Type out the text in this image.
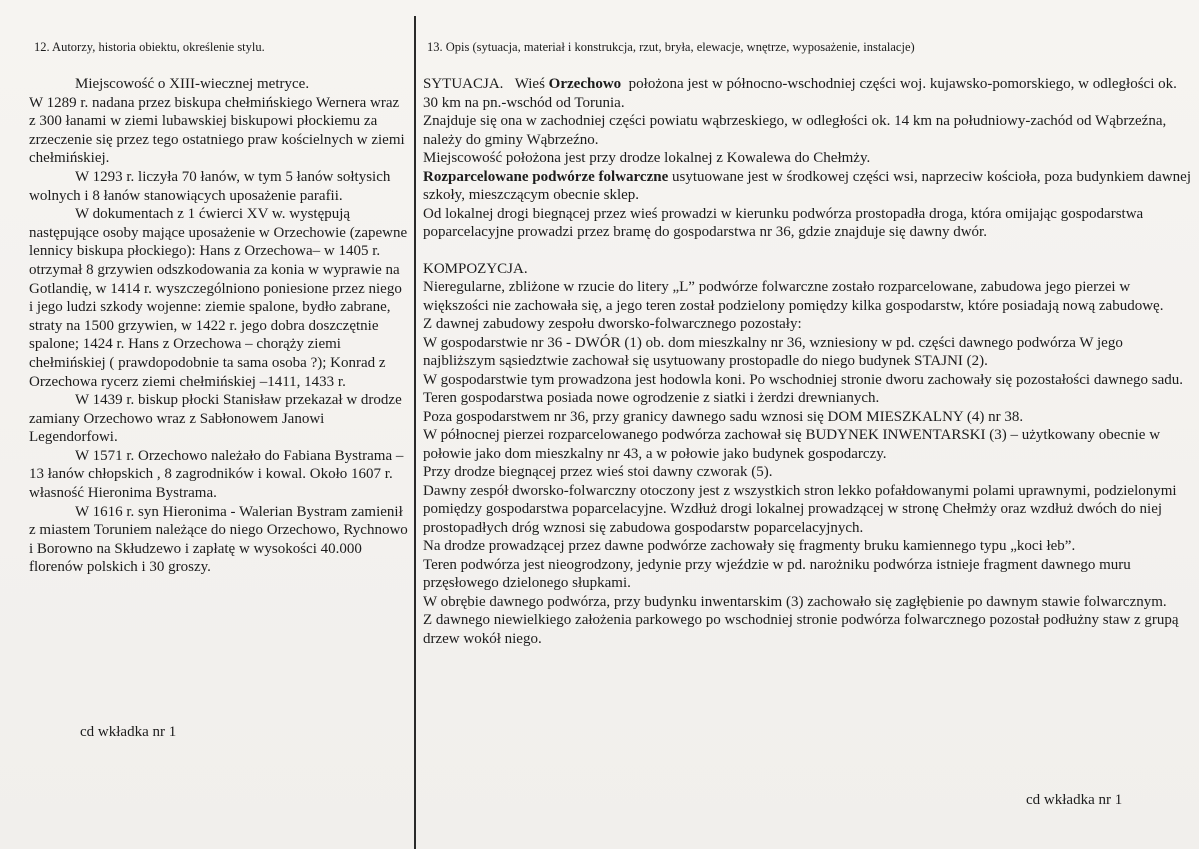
12. Autorzy, historia obiektu, określenie stylu.	13. Opis (sytuacja, materiał i konstrukcja, rzut, bryła, elewacje, wnętrze, wyposażenie, instalacje)

Miejscowość o XIII-wiecznej metryce.

W 1289 r. nadana przez biskupa chełmińskiego Wernera wraz z 300 łanami w ziemi lubawskiej biskupowi płockiemu za zrzeczenie się przez tego ostatniego praw kościelnych w ziemi chełmińskiej.

W 1293 r. liczyła 70 łanów, w tym 5 łanów sołtysich wolnych i 8 łanów stanowiących uposażenie parafii.

W dokumentach z 1 ćwierci XV w. występują następujące osoby mające uposażenie w Orzechowie (zapewne lennicy biskupa płockiego): Hans z Orzechowa– w 1405 r. otrzymał 8 grzywien odszkodowania za konia w wyprawie na Gotlandię, w 1414 r. wyszczególniono poniesione przez niego i jego ludzi szkody wojenne: ziemie spalone, bydło zabrane, straty na 1500 grzywien, w 1422 r. jego dobra doszczętnie spalone; 1424 r. Hans z Orzechowa – chorąży ziemi chełmińskiej ( prawdopodobnie ta sama osoba ?); Konrad z Orzechowa rycerz ziemi chełmińskiej –1411, 1433 r.

W 1439 r. biskup płocki Stanisław przekazał w drodze zamiany Orzechowo wraz z Sabłonowem Janowi Legendorfowi.

W 1571 r. Orzechowo należało do Fabiana Bystrama – 13 łanów chłopskich , 8 zagrodników i kowal. Około 1607 r. własność Hieronima Bystrama.

W 1616 r. syn Hieronima - Walerian Bystram zamienił z miastem Toruniem należące do niego Orzechowo, Rychnowo i Borowno na Skłudzewo i zapłatę w wysokości 40.000 florenów polskich i 30 groszy.

cd wkładka nr 1

SYTUACJA. Wieś Orzechowo położona jest w północno-wschodniej części woj. kujawsko-pomorskiego, w odległości ok. 30 km na pn.-wschód od Torunia.

Znajduje się ona w zachodniej części powiatu wąbrzeskiego, w odległości ok. 14 km na południowy-zachód od Wąbrzeźna, należy do gminy Wąbrzeźno.

Miejscowość położona jest przy drodze lokalnej z Kowalewa do Chełmży.

Rozparcelowane podwórze folwarczne usytuowane jest w środkowej części wsi, naprzeciw kościoła, poza budynkiem dawnej szkoły, mieszczącym obecnie sklep.

Od lokalnej drogi biegnącej przez wieś prowadzi w kierunku podwórza prostopadła droga, która omijając gospodarstwa poparcelacyjne prowadzi przez bramę do gospodarstwa nr 36, gdzie znajduje się dawny dwór.

KOMPOZYCJA.

Nieregularne, zbliżone w rzucie do litery „L” podwórze folwarczne zostało rozparcelowane, zabudowa jego pierzei w większości nie zachowała się, a jego teren został podzielony pomiędzy kilka gospodarstw, które posiadają nową zabudowę.

Z dawnej zabudowy zespołu dworsko-folwarcznego pozostały:

W gospodarstwie nr 36 - DWÓR (1) ob. dom mieszkalny nr 36, wzniesiony w pd. części dawnego podwórza W jego najbliższym sąsiedztwie zachował się usytuowany prostopadle do niego budynek STAJNI (2).

W gospodarstwie tym prowadzona jest hodowla koni. Po wschodniej stronie dworu zachowały się pozostałości dawnego sadu. Teren gospodarstwa posiada nowe ogrodzenie z siatki i żerdzi drewnianych.

Poza gospodarstwem nr 36, przy granicy dawnego sadu wznosi się DOM MIESZKALNY (4) nr 38.

W północnej pierzei rozparcelowanego podwórza zachował się BUDYNEK INWENTARSKI (3) – użytkowany obecnie w połowie jako dom mieszkalny nr 43, a w połowie jako budynek gospodarczy.

Przy drodze biegnącej przez wieś stoi dawny czworak (5).

Dawny zespół dworsko-folwarczny otoczony jest z wszystkich stron lekko pofałdowanymi polami uprawnymi, podzielonymi pomiędzy gospodarstwa poparcelacyjne. Wzdłuż drogi lokalnej prowadzącej w stronę Chełmży oraz wzdłuż dwóch do niej prostopadłych dróg wznosi się zabudowa gospodarstw poparcelacyjnych.

Na drodze prowadzącej przez dawne podwórze zachowały się fragmenty bruku kamiennego typu „koci łeb”.

Teren podwórza jest nieogrodzony, jedynie przy wjeździe w pd. narożniku podwórza istnieje fragment dawnego muru przęsłowego dzielonego słupkami.

W obrębie dawnego podwórza, przy budynku inwentarskim (3) zachowało się zagłębienie po dawnym stawie folwarcznym.

Z dawnego niewielkiego założenia parkowego po wschodniej stronie podwórza folwarcznego pozostał podłużny staw z grupą drzew wokół niego.

cd wkładka nr 1
